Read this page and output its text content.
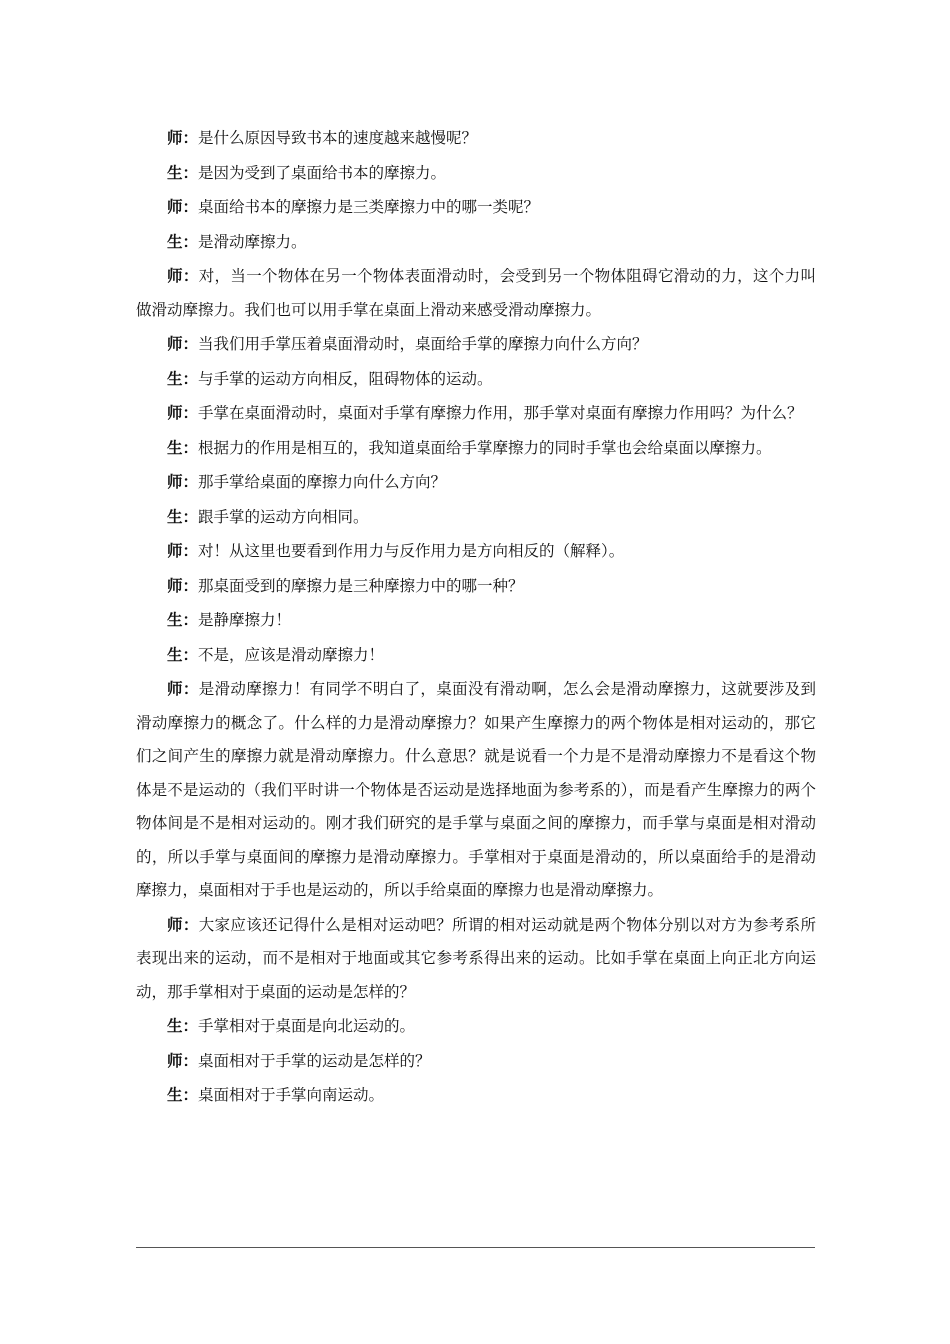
师：是什么原因导致书本的速度越来越慢呢？

生：是因为受到了桌面给书本的摩擦力。

师：桌面给书本的摩擦力是三类摩擦力中的哪一类呢？

生：是滑动摩擦力。

师：对，当一个物体在另一个物体表面滑动时，会受到另一个物体阻碍它滑动的力，这个力叫做滑动摩擦力。我们也可以用手掌在桌面上滑动来感受滑动摩擦力。

师：当我们用手掌压着桌面滑动时，桌面给手掌的摩擦力向什么方向？

生：与手掌的运动方向相反，阻碍物体的运动。

师：手掌在桌面滑动时，桌面对手掌有摩擦力作用，那手掌对桌面有摩擦力作用吗？为什么？

生：根据力的作用是相互的，我知道桌面给手掌摩擦力的同时手掌也会给桌面以摩擦力。

师：那手掌给桌面的摩擦力向什么方向？

生：跟手掌的运动方向相同。

师：对！从这里也要看到作用力与反作用力是方向相反的（解释）。

师：那桌面受到的摩擦力是三种摩擦力中的哪一种？

生：是静摩擦力！

生：不是，应该是滑动摩擦力！

师：是滑动摩擦力！有同学不明白了，桌面没有滑动啊，怎么会是滑动摩擦力，这就要涉及到滑动摩擦力的概念了。什么样的力是滑动摩擦力？如果产生摩擦力的两个物体是相对运动的，那它们之间产生的摩擦力就是滑动摩擦力。什么意思？就是说看一个力是不是滑动摩擦力不是看这个物体是不是运动的（我们平时讲一个物体是否运动是选择地面为参考系的），而是看产生摩擦力的两个物体间是不是相对运动的。刚才我们研究的是手掌与桌面之间的摩擦力，而手掌与桌面是相对滑动的，所以手掌与桌面间的摩擦力是滑动摩擦力。手掌相对于桌面是滑动的，所以桌面给手的是滑动摩擦力，桌面相对于手也是运动的，所以手给桌面的摩擦力也是滑动摩擦力。

师：大家应该还记得什么是相对运动吧？所谓的相对运动就是两个物体分别以对方为参考系所表现出来的运动，而不是相对于地面或其它参考系得出来的运动。比如手掌在桌面上向正北方向运动，那手掌相对于桌面的运动是怎样的？

生：手掌相对于桌面是向北运动的。

师：桌面相对于手掌的运动是怎样的？

生：桌面相对于手掌向南运动。
